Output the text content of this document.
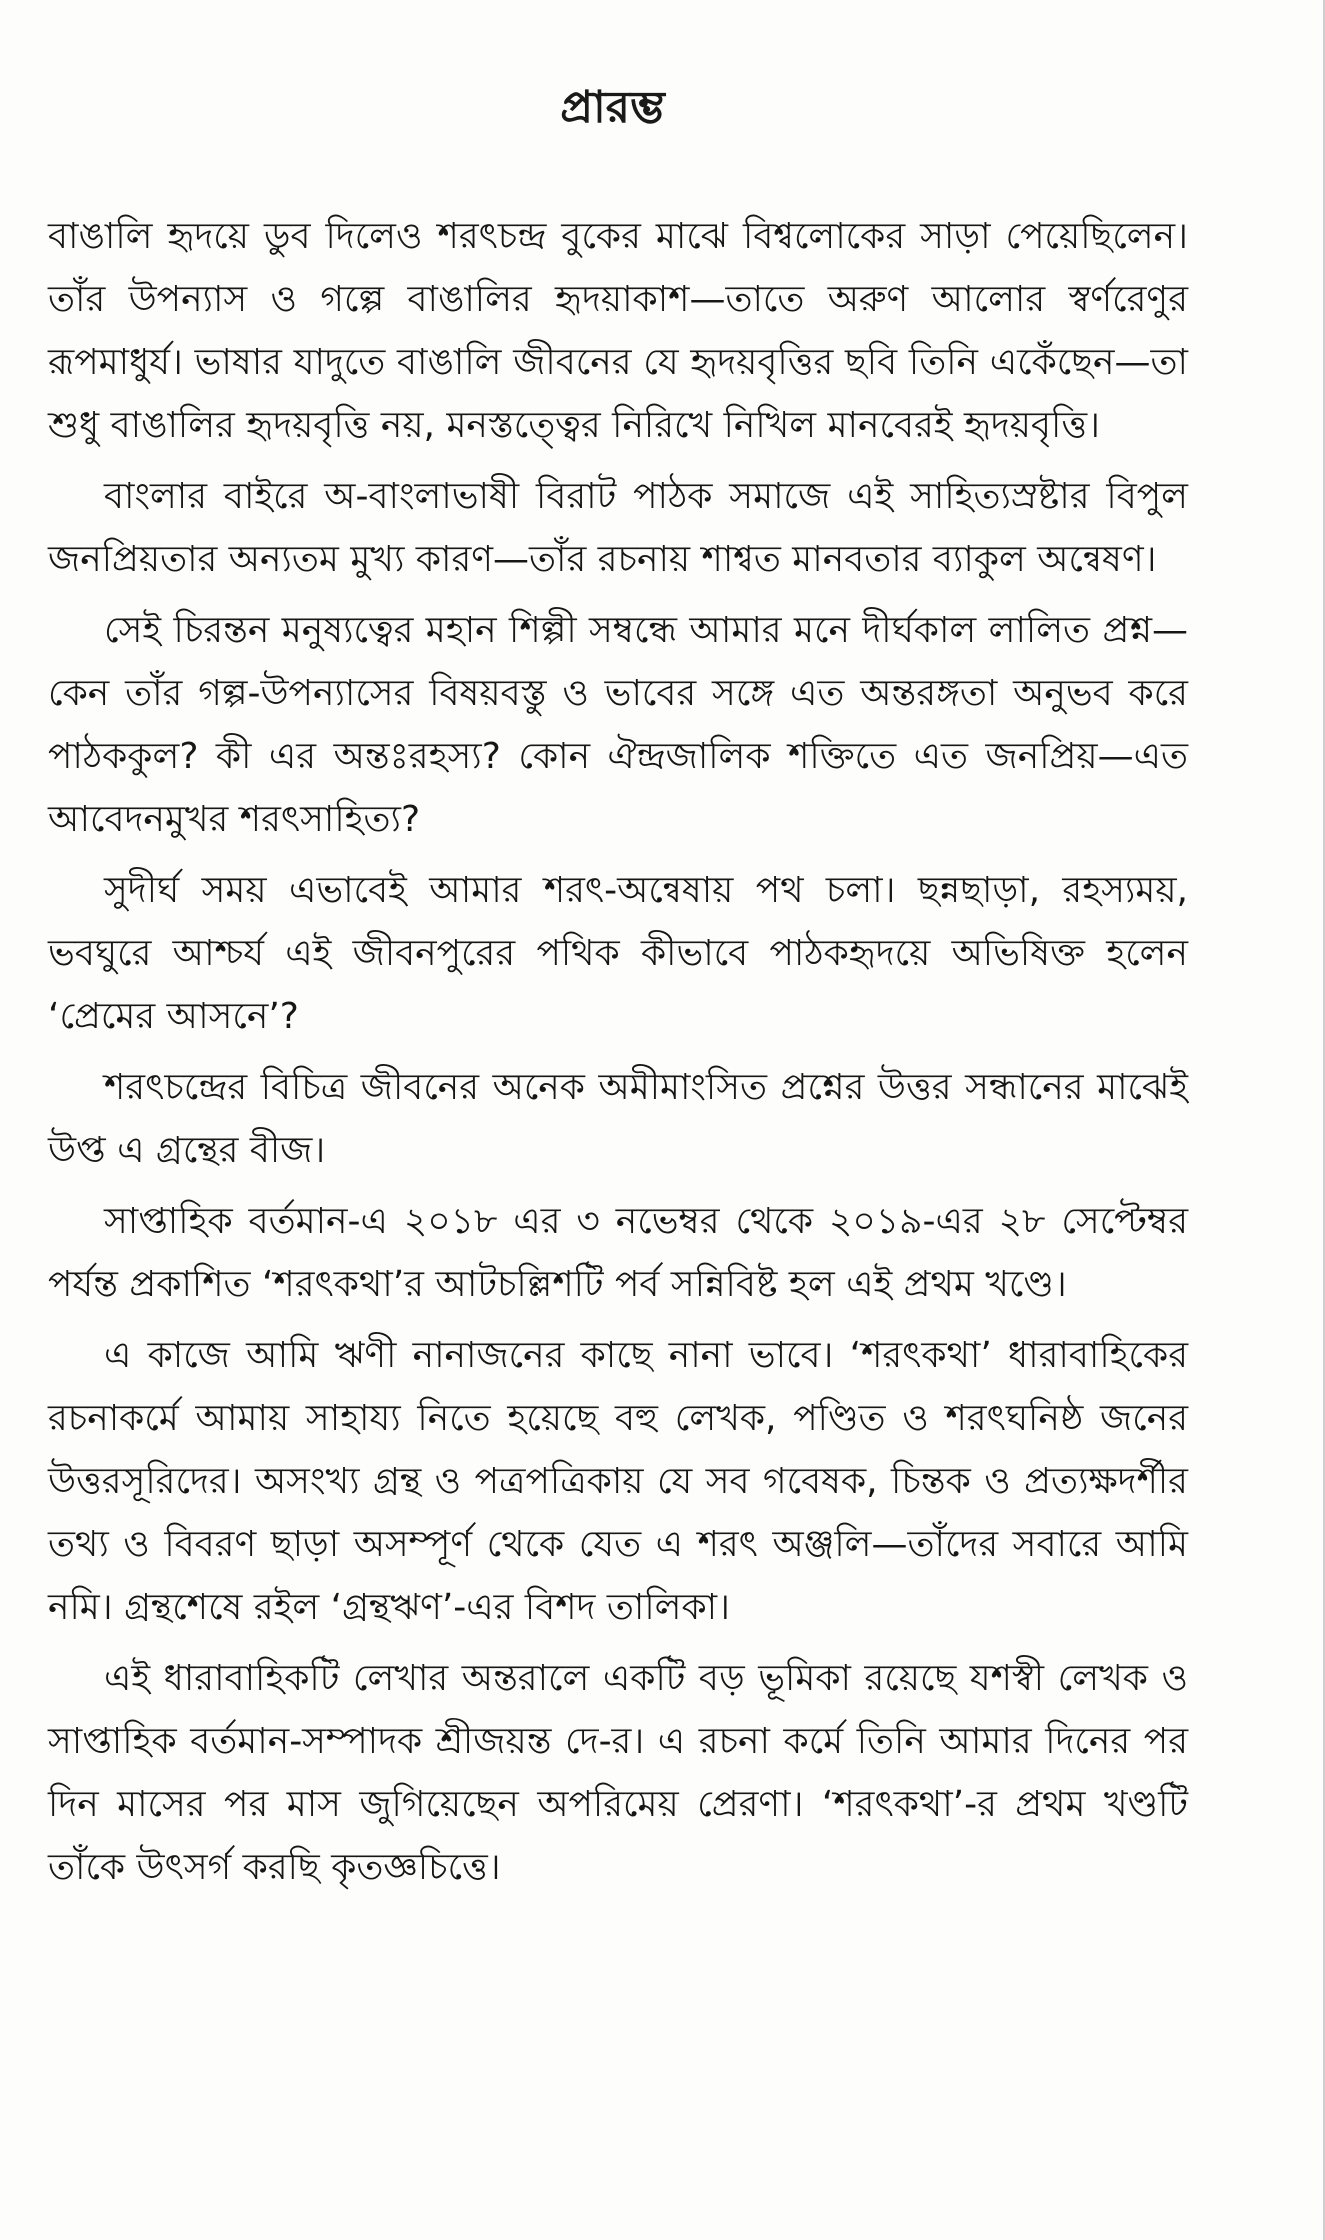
প্রারম্ভ

বাঙালি হৃদয়ে ডুব দিলেও শরৎচন্দ্র বুকের মাঝে বিশ্বলোকের সাড়া পেয়েছিলেন। তাঁর উপন্যাস ও গল্পে বাঙালির হৃদয়াকাশ—তাতে অরুণ আলোর স্বর্ণরেণুর রূপমাধুর্য। ভাষার যাদুতে বাঙালি জীবনের যে হৃদয়বৃত্তির ছবি তিনি একেঁছেন—তা শুধু বাঙালির হৃদয়বৃত্তি নয়, মনস্তত্ত্বের নিরিখে নিখিল মানবেরই হৃদয়বৃত্তি।

বাংলার বাইরে অ-বাংলাভাষী বিরাট পাঠক সমাজে এই সাহিত্যস্রষ্টার বিপুল জনপ্রিয়তার অন্যতম মুখ্য কারণ—তাঁর রচনায় শাশ্বত মানবতার ব্যাকুল অন্বেষণ।

সেই চিরন্তন মনুষ্যত্বের মহান শিল্পী সম্বন্ধে আমার মনে দীর্ঘকাল লালিত প্রশ্ন—কেন তাঁর গল্প-উপন্যাসের বিষয়বস্তু ও ভাবের সঙ্গে এত অন্তরঙ্গতা অনুভব করে পাঠককুল? কী এর অন্তঃরহস্য? কোন ঐন্দ্রজালিক শক্তিতে এত জনপ্রিয়—এত আবেদনমুখর শরৎসাহিত্য?

সুদীর্ঘ সময় এভাবেই আমার শরৎ-অন্বেষায় পথ চলা। ছন্নছাড়া, রহস্যময়, ভবঘুরে আশ্চর্য এই জীবনপুরের পথিক কীভাবে পাঠকহৃদয়ে অভিষিক্ত হলেন ‘প্রেমের আসনে’?

শরৎচন্দ্রের বিচিত্র জীবনের অনেক অমীমাংসিত প্রশ্নের উত্তর সন্ধানের মাঝেই উপ্ত এ গ্রন্থের বীজ।

সাপ্তাহিক বর্তমান-এ ২০১৮ এর ৩ নভেম্বর থেকে ২০১৯-এর ২৮ সেপ্টেম্বর পর্যন্ত প্রকাশিত ‘শরৎকথা’র আটচল্লিশটি পর্ব সন্নিবিষ্ট হল এই প্রথম খণ্ডে।

এ কাজে আমি ঋণী নানাজনের কাছে নানা ভাবে। ‘শরৎকথা’ ধারাবাহিকের রচনাকর্মে আমায় সাহায্য নিতে হয়েছে বহু লেখক, পণ্ডিত ও শরৎঘনিষ্ঠ জনের উত্তরসূরিদের। অসংখ্য গ্রন্থ ও পত্রপত্রিকায় যে সব গবেষক, চিন্তক ও প্রত্যক্ষদর্শীর তথ্য ও বিবরণ ছাড়া অসম্পূর্ণ থেকে যেত এ শরৎ অঞ্জলি—তাঁদের সবারে আমি নমি। গ্রন্থশেষে রইল ‘গ্রন্থঋণ’-এর বিশদ তালিকা।

এই ধারাবাহিকটি লেখার অন্তরালে একটি বড় ভূমিকা রয়েছে যশস্বী লেখক ও সাপ্তাহিক বর্তমান-সম্পাদক শ্রীজয়ন্ত দে-র। এ রচনা কর্মে তিনি আমার দিনের পর দিন মাসের পর মাস জুগিয়েছেন অপরিমেয় প্রেরণা। ‘শরৎকথা’-র প্রথম খণ্ডটি তাঁকে উৎসর্গ করছি কৃতজ্ঞচিত্তে।
